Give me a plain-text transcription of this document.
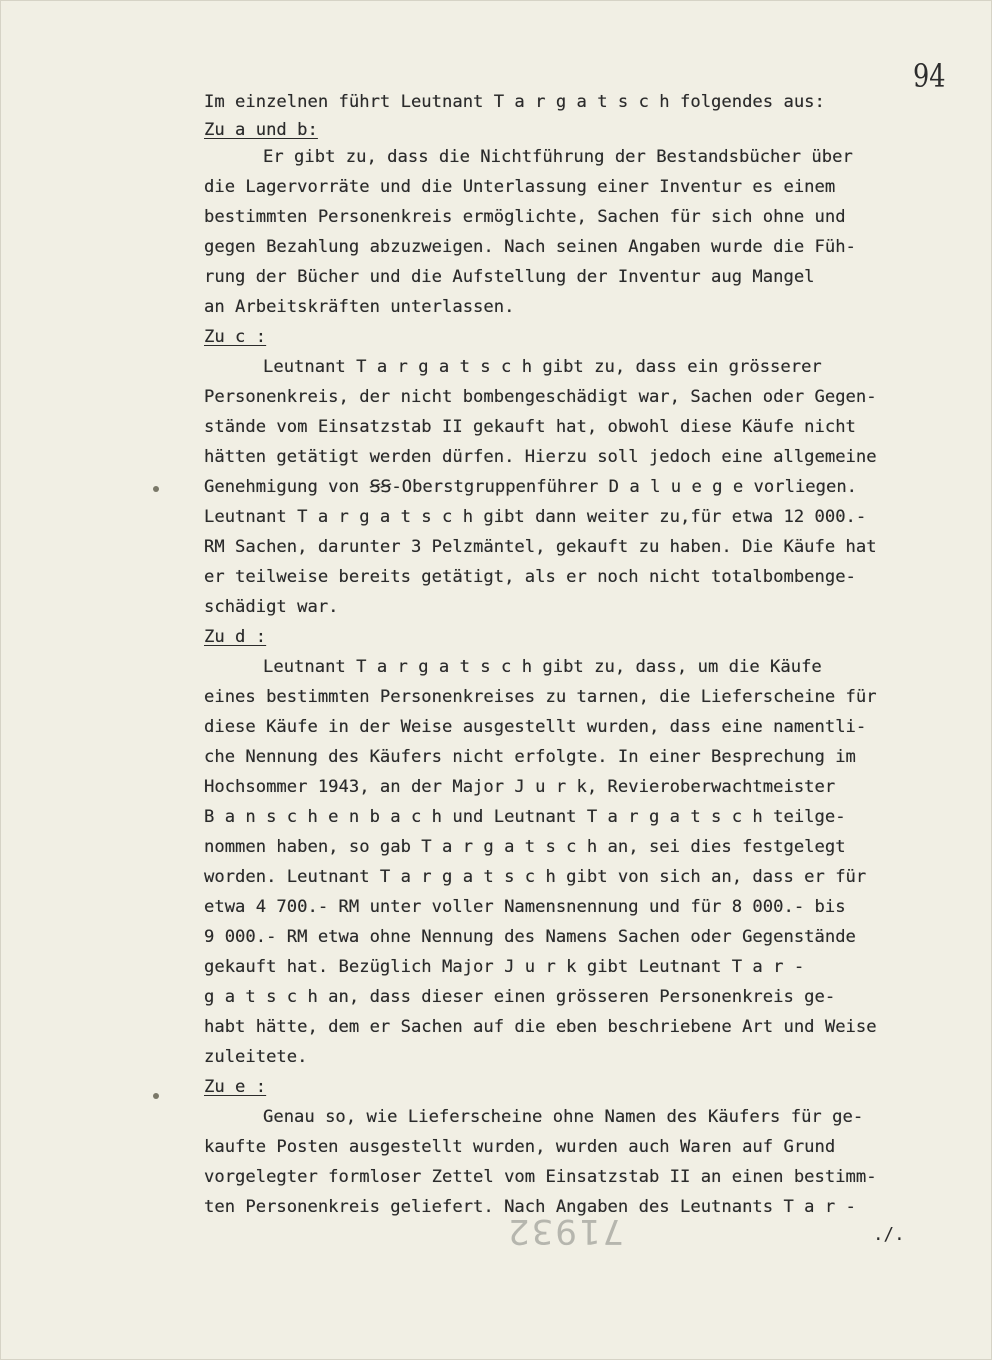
94
Im einzelnen führt Leutnant T a r g a t s c h folgendes aus:
Zu a und b:
Er gibt zu, dass die Nichtführung der Bestandsbücher über
die Lagervorräte und die Unterlassung einer Inventur es einem
bestimmten Personenkreis ermöglichte, Sachen für sich ohne und
gegen Bezahlung abzuzweigen. Nach seinen Angaben wurde die Füh-
rung der Bücher und die Aufstellung der Inventur aug Mangel
an Arbeitskräften unterlassen.
Zu c :
Leutnant T a r g a t s c h gibt zu, dass ein grösserer
Personenkreis, der nicht bombengeschädigt war, Sachen oder Gegen-
stände vom Einsatzstab II gekauft hat, obwohl diese Käufe nicht
hätten getätigt werden dürfen. Hierzu soll jedoch eine allgemeine
Genehmigung von ꞨꞨ-Oberstgruppenführer D a l u e g e vorliegen.
Leutnant T a r g a t s c h gibt dann weiter zu,für etwa 12 000.-
RM Sachen, darunter 3 Pelzmäntel, gekauft zu haben. Die Käufe hat
er teilweise bereits getätigt, als er noch nicht totalbombenge-
schädigt war.
Zu d :
Leutnant T a r g a t s c h gibt zu, dass, um die Käufe
eines bestimmten Personenkreises zu tarnen, die Lieferscheine für
diese Käufe in der Weise ausgestellt wurden, dass eine namentli-
che Nennung des Käufers nicht erfolgte. In einer Besprechung im
Hochsommer 1943, an der Major J u r k, Revieroberwachtmeister
B a n s c h e n b a c h und Leutnant T a r g a t s c h teilge-
nommen haben, so gab T a r g a t s c h an, sei dies festgelegt
worden. Leutnant T a r g a t s c h gibt von sich an, dass er für
etwa 4 700.- RM unter voller Namensnennung und für 8 000.- bis
9 000.- RM etwa ohne Nennung des Namens Sachen oder Gegenstände
gekauft hat. Bezüglich Major J u r k gibt Leutnant T a r -
g a t s c h an, dass dieser einen grösseren Personenkreis ge-
habt hätte, dem er Sachen auf die eben beschriebene Art und Weise
zuleitete.
Zu e :
Genau so, wie Lieferscheine ohne Namen des Käufers für ge-
kaufte Posten ausgestellt wurden, wurden auch Waren auf Grund
vorgelegter formloser Zettel vom Einsatzstab II an einen bestimm-
ten Personenkreis geliefert. Nach Angaben des Leutnants T a r -
71932	./.
